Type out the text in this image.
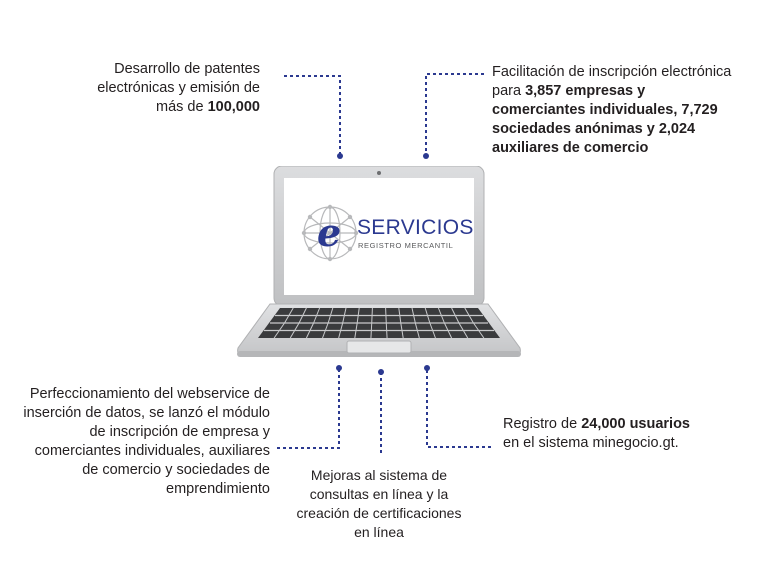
Desarrollo de patentes electrónicas y emisión de más de 100,000
Facilitación de inscripción electrónica para 3,857 empresas y comerciantes individuales, 7,729 sociedades anónimas y 2,024 auxiliares de comercio
Perfeccionamiento del webservice de inserción de datos, se lanzó el módulo de inscripción de empresa y comerciantes individuales, auxiliares de comercio y sociedades de emprendimiento
Mejoras al sistema de consultas en línea y la creación de certificaciones en línea
Registro de 24,000 usuarios en el sistema minegocio.gt.
e SERVICIOS
REGISTRO MERCANTIL
